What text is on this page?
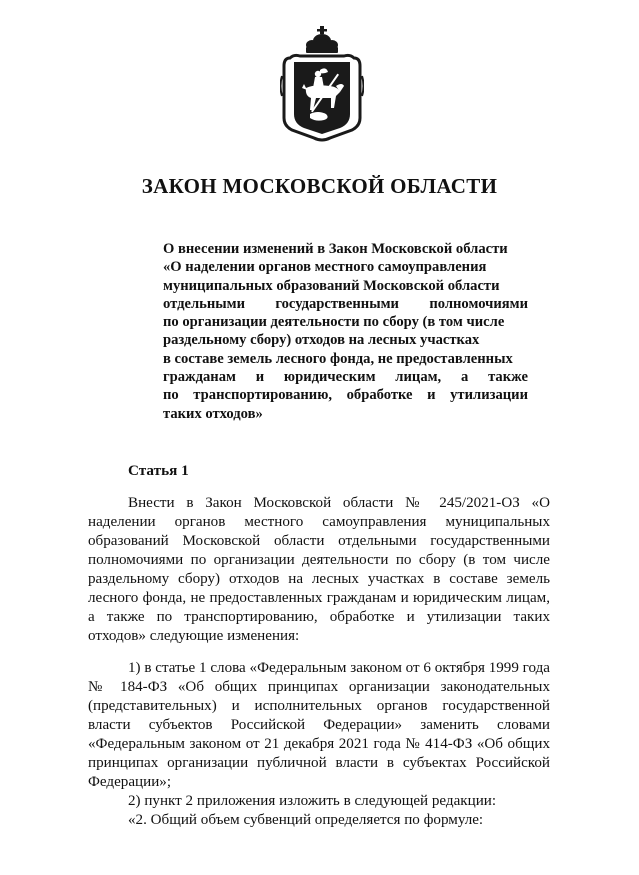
ЗАКОН МОСКОВСКОЙ ОБЛАСТИ
О внесении изменений в Закон Московской области
«О наделении органов местного самоуправления
муниципальных образований Московской области
отдельными государственными полномочиями
по организации деятельности по сбору (в том числе
раздельному сбору) отходов на лесных участках
в составе земель лесного фонда, не предоставленных
гражданам и юридическим лицам, а также
по транспортированию, обработке и утилизации
таких отходов»
Статья 1

Внести в Закон Московской области № 245/2021-ОЗ «О наделении органов местного самоуправления муниципальных образований Московской области отдельными государственными полномочиями по организации деятельности по сбору (в том числе раздельному сбору) отходов на лесных участках в составе земель лесного фонда, не предоставленных гражданам и юридическим лицам, а также по транспортированию, обработке и утилизации таких отходов» следующие изменения:

1) в статье 1 слова «Федеральным законом от 6 октября 1999 года № 184-ФЗ «Об общих принципах организации законодательных (представительных) и исполнительных органов государственной власти субъектов Российской Федерации» заменить словами «Федеральным законом от 21 декабря 2021 года № 414-ФЗ «Об общих принципах организации публичной власти в субъектах Российской Федерации»;

2) пункт 2 приложения изложить в следующей редакции:

«2. Общий объем субвенций определяется по формуле:
